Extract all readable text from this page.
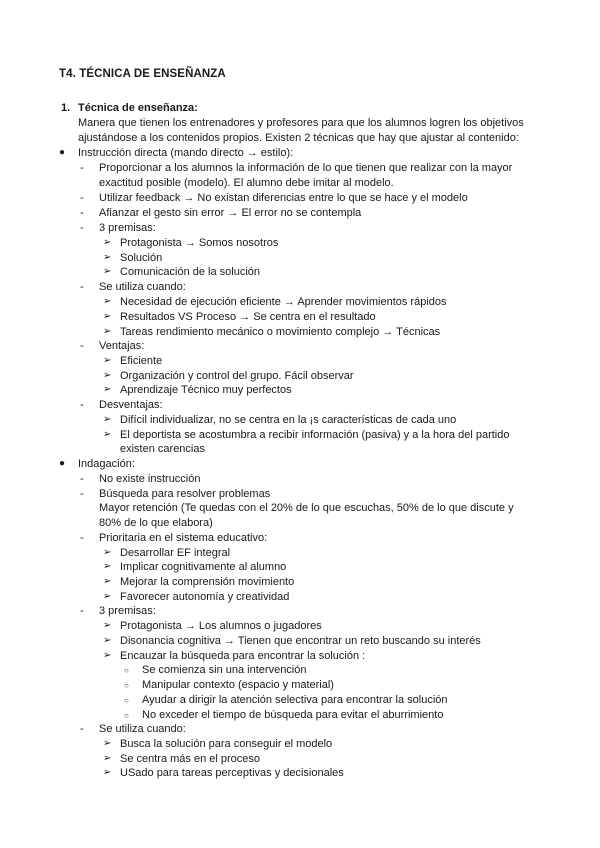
T4. TÉCNICA DE ENSEÑANZA
1. Técnica de enseñanza:
Manera que tienen los entrenadores y profesores para que los alumnos logren los objetivos
ajustándose a los contenidos propios. Existen 2 técnicas que hay que ajustar al contenido:
● Instrucción directa (mando directo → estilo):
- Proporcionar a los alumnos la información de lo que tienen que realizar con la mayor
exactitud posible (modelo). El alumno debe imitar al modelo.
- Utilizar feedback → No existan diferencias entre lo que se hace y el modelo
- Afianzar el gesto sin error → El error no se contempla
- 3 premisas:
➢ Protagonista → Somos nosotros
➢ Solución
➢ Comunicación de la solución
- Se utiliza cuando:
➢ Necesidad de ejecución eficiente → Aprender movimientos rápidos
➢ Resultados VS Proceso → Se centra en el resultado
➢ Tareas rendimiento mecánico o movimiento complejo → Técnicas
- Ventajas:
➢ Eficiente
➢ Organización y control del grupo. Fácil observar
➢ Aprendizaje Técnico muy perfectos
- Desventajas:
➢ Difícil individualizar, no se centra en la ¡s características de cada uno
➢ El deportista se acostumbra a recibir información (pasiva) y a la hora del partido
existen carencias
● Indagación:
- No existe instrucción
- Búsqueda para resolver problemas
Mayor retención (Te quedas con el 20% de lo que escuchas, 50% de lo que discute y
80% de lo que elabora)
- Prioritaria en el sistema educativo:
➢ Desarrollar EF integral
➢ Implicar cognitivamente al alumno
➢ Mejorar la comprensión movimiento
➢ Favorecer autonomía y creatividad
- 3 premisas:
➢ Protagonista → Los alumnos o jugadores
➢ Disonancia cognitiva → Tienen que encontrar un reto buscando su interés
➢ Encauzar la búsqueda para encontrar la solución :
○ Se comienza sin una intervención
○ Manipular contexto (espacio y material)
○ Ayudar a dirigir la atención selectiva para encontrar la solución
○ No exceder el tiempo de búsqueda para evitar el aburrimiento
- Se utiliza cuando:
➢ Busca la solución para conseguir el modelo
➢ Se centra más en el proceso
➢ USado para tareas perceptivas y decisionales
